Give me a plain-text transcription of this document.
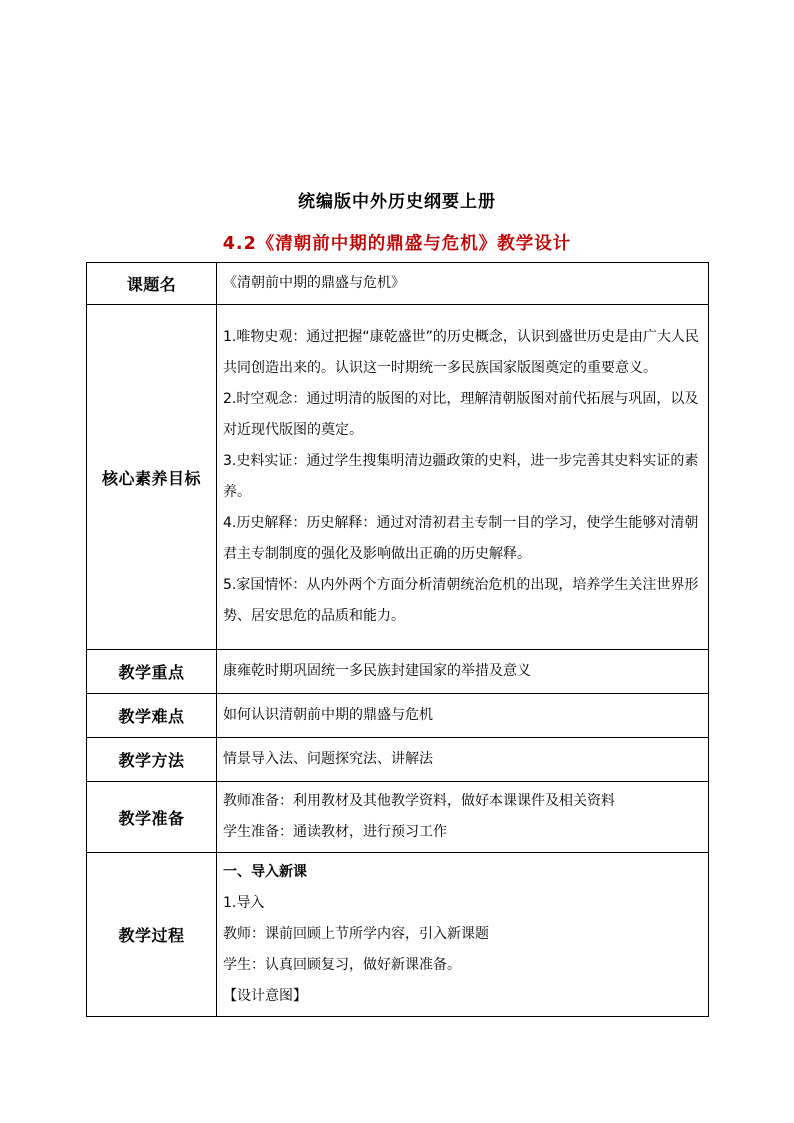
统编版中外历史纲要上册
4.2《清朝前中期的鼎盛与危机》教学设计
课题名	《清朝前中期的鼎盛与危机》
核心素养目标	1.唯物史观：通过把握“康乾盛世”的历史概念，认识到盛世历史是由广大人民共同创造出来的。认识这一时期统一多民族国家版图奠定的重要意义。

2.时空观念：通过明清的版图的对比，理解清朝版图对前代拓展与巩固，以及对近现代版图的奠定。

3.史料实证：通过学生搜集明清边疆政策的史料，进一步完善其史料实证的素养。

4.历史解释：历史解释：通过对清初君主专制一目的学习，使学生能够对清朝君主专制制度的强化及影响做出正确的历史解释。

5.家国情怀：从内外两个方面分析清朝统治危机的出现，培养学生关注世界形势、居安思危的品质和能力。

教学重点	康雍乾时期巩固统一多民族封建国家的举措及意义
教学难点	如何认识清朝前中期的鼎盛与危机
教学方法	情景导入法、问题探究法、讲解法
教学准备	教师准备：利用教材及其他教学资料，做好本课课件及相关资料

学生准备：通读教材，进行预习工作

教学过程	一、导入新课

1.导入

教师：课前回顾上节所学内容，引入新课题

学生：认真回顾复习，做好新课准备。

【设计意图】
